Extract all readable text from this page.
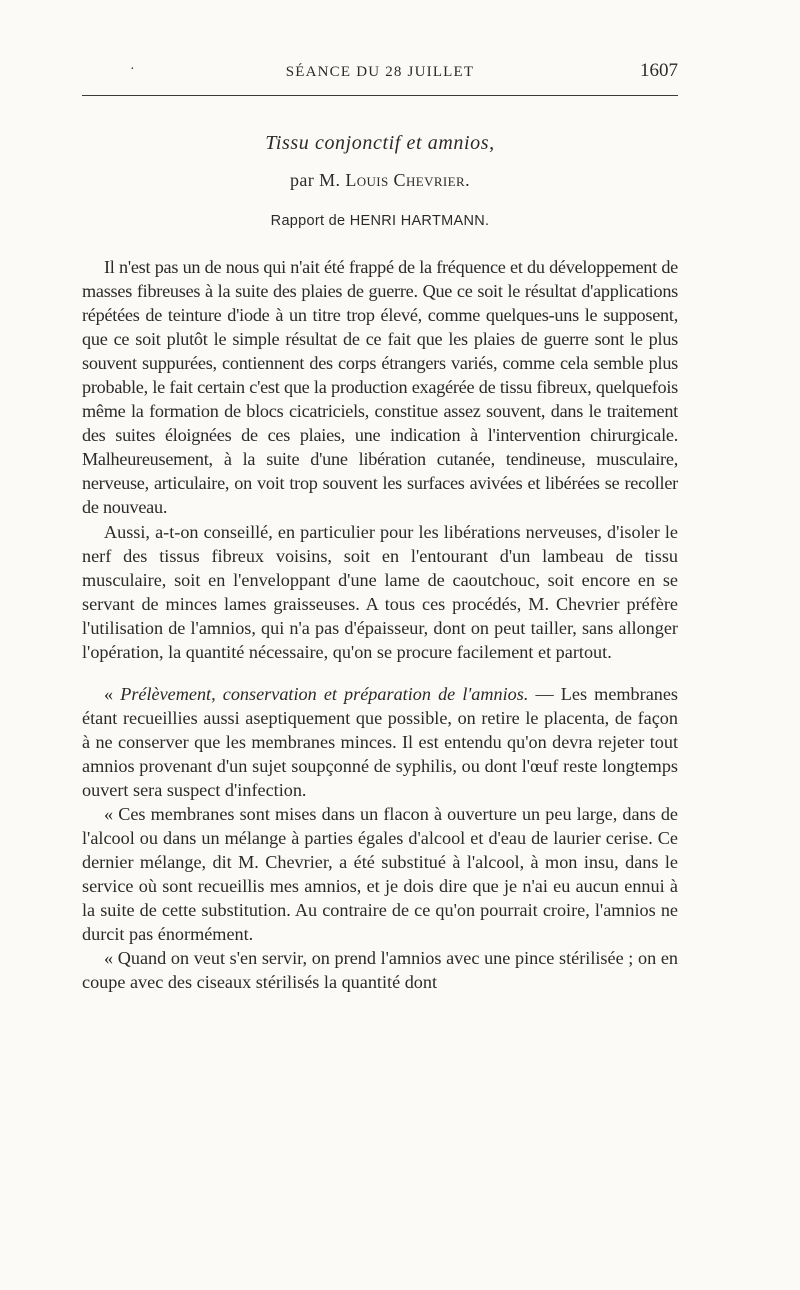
·	SÉANCE DU 28 JUILLET	1607
Tissu conjonctif et amnios,
par M. Louis Chevrier.
Rapport de HENRI HARTMANN.

Il n'est pas un de nous qui n'ait été frappé de la fréquence et du développement de masses fibreuses à la suite des plaies de guerre. Que ce soit le résultat d'applications répétées de teinture d'iode à un titre trop élevé, comme quelques-uns le supposent, que ce soit plutôt le simple résultat de ce fait que les plaies de guerre sont le plus souvent suppurées, contiennent des corps étrangers variés, comme cela semble plus probable, le fait certain c'est que la production exagérée de tissu fibreux, quelquefois même la formation de blocs cicatriciels, constitue assez souvent, dans le traitement des suites éloignées de ces plaies, une indication à l'intervention chirurgicale. Malheureusement, à la suite d'une libération cutanée, tendineuse, musculaire, nerveuse, articulaire, on voit trop souvent les surfaces avivées et libérées se recoller de nouveau.

Aussi, a-t-on conseillé, en particulier pour les libérations nerveuses, d'isoler le nerf des tissus fibreux voisins, soit en l'entourant d'un lambeau de tissu musculaire, soit en l'enveloppant d'une lame de caoutchouc, soit encore en se servant de minces lames graisseuses. A tous ces procédés, M. Chevrier préfère l'utilisation de l'amnios, qui n'a pas d'épaisseur, dont on peut tailler, sans allonger l'opération, la quantité nécessaire, qu'on se procure facilement et partout.

« Prélèvement, conservation et préparation de l'amnios. — Les membranes étant recueillies aussi aseptiquement que possible, on retire le placenta, de façon à ne conserver que les membranes minces. Il est entendu qu'on devra rejeter tout amnios provenant d'un sujet soupçonné de syphilis, ou dont l'œuf reste longtemps ouvert sera suspect d'infection.

« Ces membranes sont mises dans un flacon à ouverture un peu large, dans de l'alcool ou dans un mélange à parties égales d'alcool et d'eau de laurier cerise. Ce dernier mélange, dit M. Chevrier, a été substitué à l'alcool, à mon insu, dans le service où sont recueillis mes amnios, et je dois dire que je n'ai eu aucun ennui à la suite de cette substitution. Au contraire de ce qu'on pourrait croire, l'amnios ne durcit pas énormément.

« Quand on veut s'en servir, on prend l'amnios avec une pince stérilisée ; on en coupe avec des ciseaux stérilisés la quantité dont
